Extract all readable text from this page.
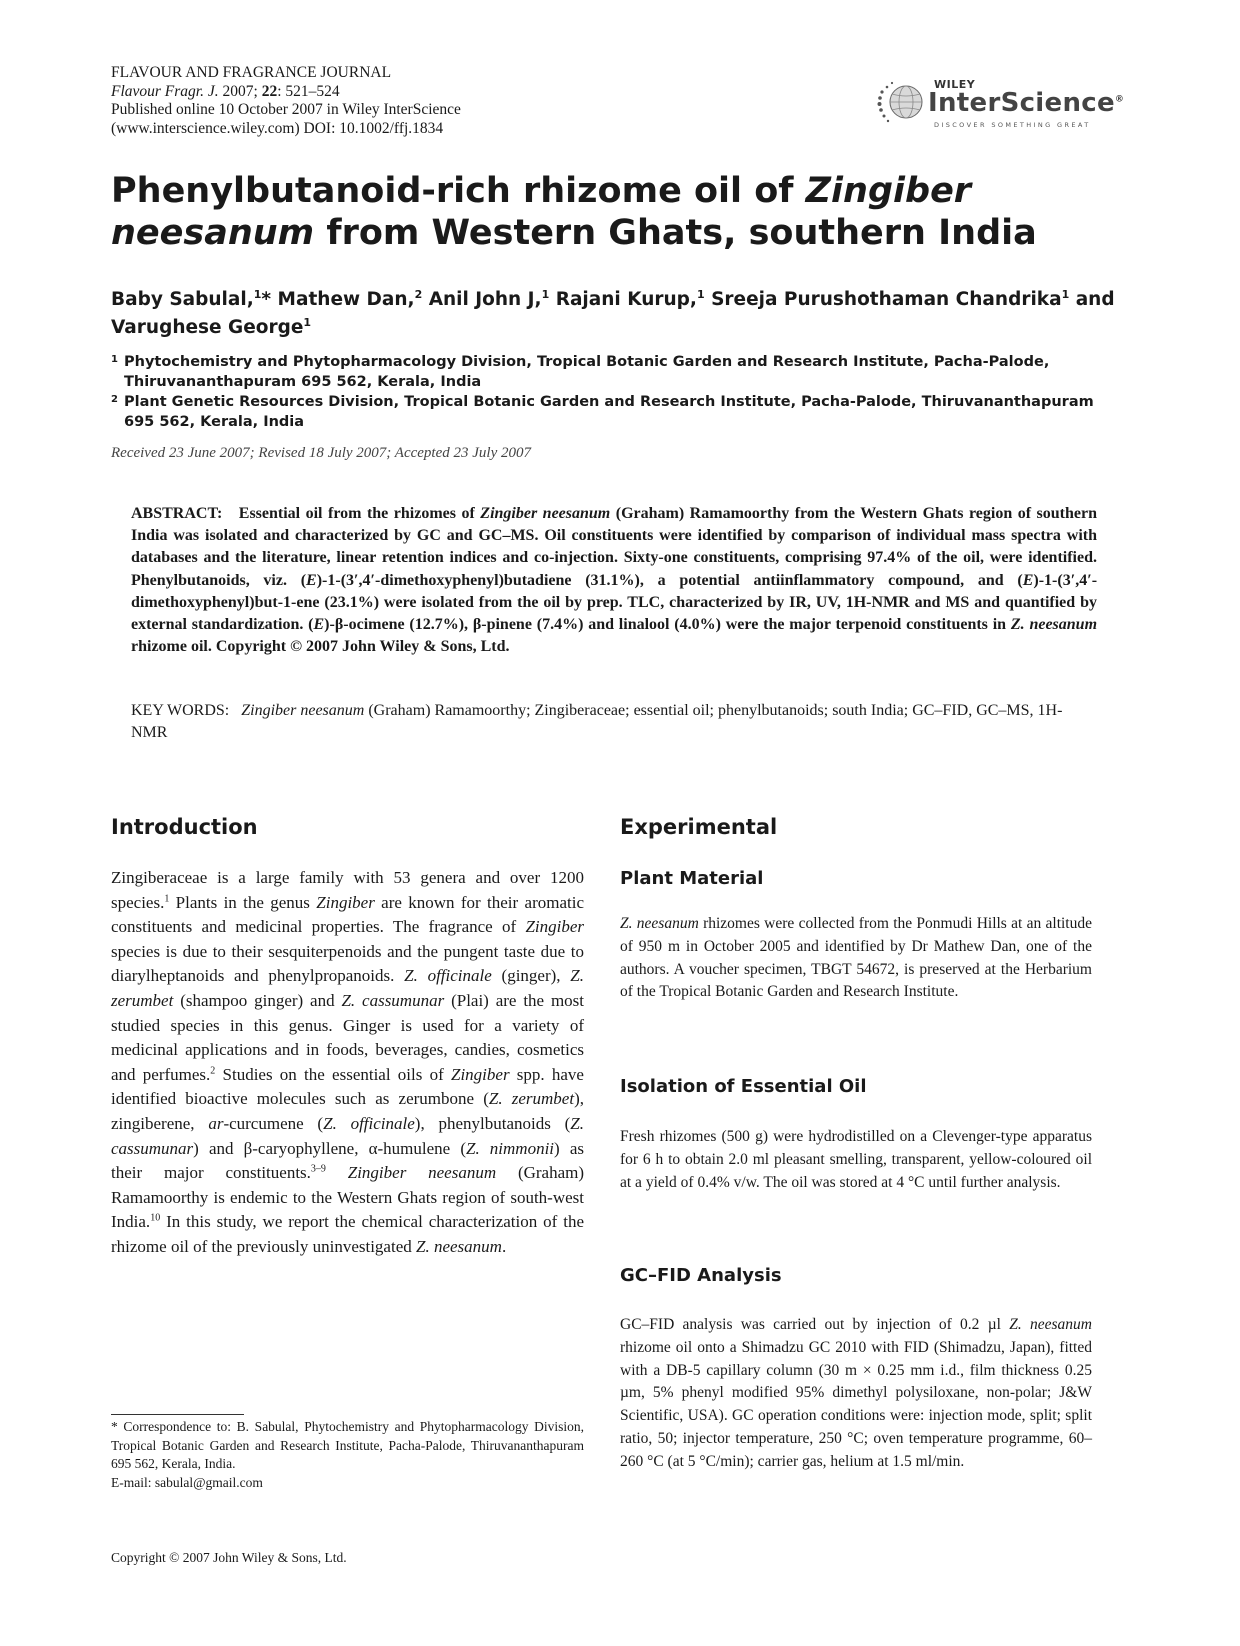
FLAVOUR AND FRAGRANCE JOURNAL
Flavour Fragr. J. 2007; 22: 521–524
Published online 10 October 2007 in Wiley InterScience
(www.interscience.wiley.com) DOI: 10.1002/ffj.1834
WILEY
InterScience®
DISCOVER SOMETHING GREAT
Phenylbutanoid-rich rhizome oil of Zingiber
neesanum from Western Ghats, southern India
Baby Sabulal,$^1$* Mathew Dan,$^2$ Anil John J,$^1$ Rajani Kurup,$^1$ Sreeja Purushothaman Chandrika$^1$ and
Varughese George$^1$
1 Phytochemistry and Phytopharmacology Division, Tropical Botanic Garden and Research Institute, Pacha-Palode, Thiruvananthapuram 695 562, Kerala, India
2 Plant Genetic Resources Division, Tropical Botanic Garden and Research Institute, Pacha-Palode, Thiruvananthapuram 695 562, Kerala, India
Received 23 June 2007; Revised 18 July 2007; Accepted 23 July 2007
ABSTRACT: Essential oil from the rhizomes of Zingiber neesanum (Graham) Ramamoorthy from the Western Ghats region of southern India was isolated and characterized by GC and GC–MS. Oil constituents were identified by comparison of individual mass spectra with databases and the literature, linear retention indices and co-injection. Sixty-one constituents, comprising 97.4% of the oil, were identified. Phenylbutanoids, viz. (E)-1-(3′,4′-dimethoxyphenyl)butadiene (31.1%), a potential antiinflammatory compound, and (E)-1-(3′,4′-dimethoxyphenyl)but-1-ene (23.1%) were isolated from the oil by prep. TLC, characterized by IR, UV, 1H-NMR and MS and quantified by external standardization. (E)-β-ocimene (12.7%), β-pinene (7.4%) and linalool (4.0%) were the major terpenoid constituents in Z. neesanum rhizome oil. Copyright © 2007 John Wiley & Sons, Ltd.
KEY WORDS: Zingiber neesanum (Graham) Ramamoorthy; Zingiberaceae; essential oil; phenylbutanoids; south India; GC–FID, GC–MS, 1H-NMR
Introduction
Zingiberaceae is a large family with 53 genera and over 1200 species.$^1$ Plants in the genus Zingiber are known for their aromatic constituents and medicinal properties. The fragrance of Zingiber species is due to their sesquiterpenoids and the pungent taste due to diarylheptanoids and phenylpropanoids. Z. officinale (ginger), Z. zerumbet (shampoo ginger) and Z. cassumunar (Plai) are the most studied species in this genus. Ginger is used for a variety of medicinal applications and in foods, beverages, candies, cosmetics and perfumes.$^2$ Studies on the essential oils of Zingiber spp. have identified bioactive molecules such as zerumbone (Z. zerumbet), zingiberene, ar-curcumene (Z. officinale), phenylbutanoids (Z. cassumunar) and β-caryophyllene, α-humulene (Z. nimmonii) as their major constituents.$^{3-9}$ Zingiber neesanum (Graham) Ramamoorthy is endemic to the Western Ghats region of south-west India.$^{10}$ In this study, we report the chemical characterization of the rhizome oil of the previously uninvestigated Z. neesanum.
* Correspondence to: B. Sabulal, Phytochemistry and Phytopharmacology Division, Tropical Botanic Garden and Research Institute, Pacha-Palode, Thiruvananthapuram 695 562, Kerala, India.
E-mail: sabulal@gmail.com
Experimental
Plant Material
Z. neesanum rhizomes were collected from the Ponmudi Hills at an altitude of 950 m in October 2005 and identified by Dr Mathew Dan, one of the authors. A voucher specimen, TBGT 54672, is preserved at the Herbarium of the Tropical Botanic Garden and Research Institute.
Isolation of Essential Oil
Fresh rhizomes (500 g) were hydrodistilled on a Clevenger-type apparatus for 6 h to obtain 2.0 ml pleasant smelling, transparent, yellow-coloured oil at a yield of 0.4% v/w. The oil was stored at 4 °C until further analysis.
GC–FID Analysis
GC–FID analysis was carried out by injection of 0.2 µl Z. neesanum rhizome oil onto a Shimadzu GC 2010 with FID (Shimadzu, Japan), fitted with a DB-5 capillary column (30 m × 0.25 mm i.d., film thickness 0.25 µm, 5% phenyl modified 95% dimethyl polysiloxane, non-polar; J&W Scientific, USA). GC operation conditions were: injection mode, split; split ratio, 50; injector temperature, 250 °C; oven temperature programme, 60–260 °C (at 5 °C/min); carrier gas, helium at 1.5 ml/min.
Copyright © 2007 John Wiley & Sons, Ltd.
